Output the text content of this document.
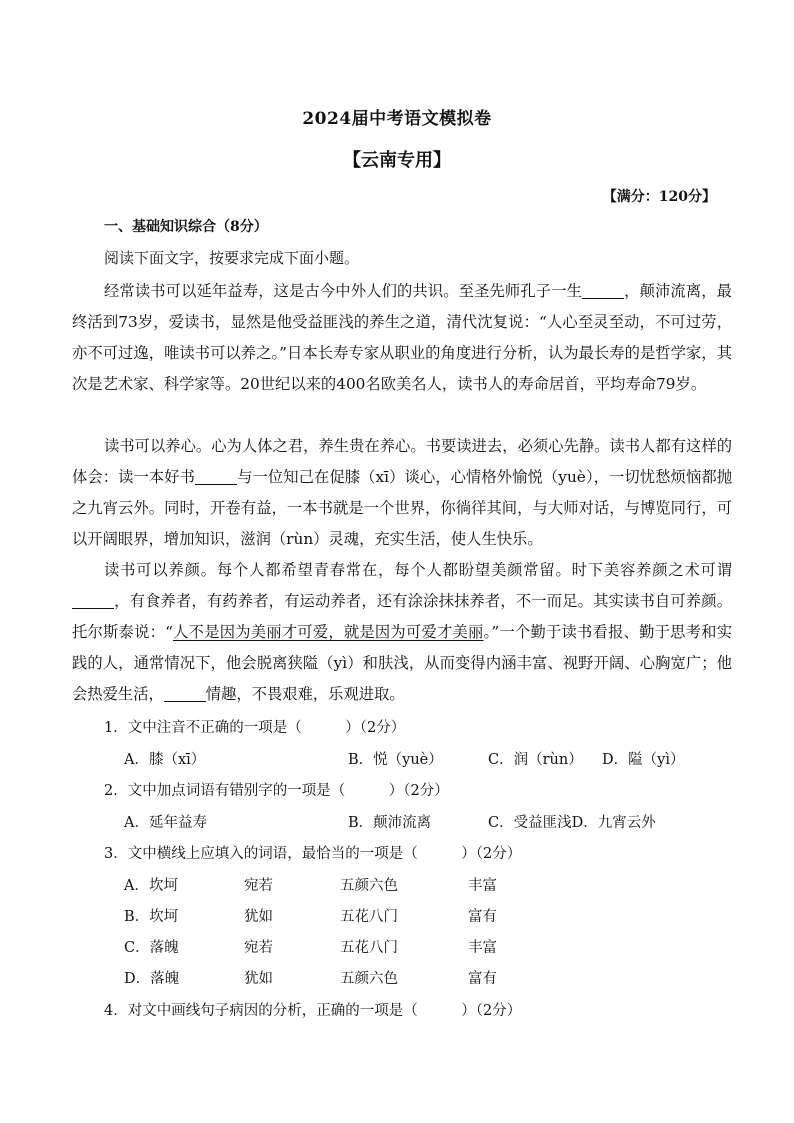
2024届中考语文模拟卷
【云南专用】
【满分：120分】
一、基础知识综合（8分）
阅读下面文字，按要求完成下面小题。
经常读书可以延年益寿，这是古今中外人们的共识。至圣先师孔子一生	，颠沛流离，最终活到73岁，爱读书，显然是他受益匪浅的养生之道，清代沈复说：“人心至灵至动，不可过劳，亦不可过逸，唯读书可以养之。”日本长寿专家从职业的角度进行分析，认为最长寿的是哲学家，其次是艺术家、科学家等。20世纪以来的400名欧美名人，读书人的寿命居首，平均寿命79岁。
读书可以养心。心为人体之君，养生贵在养心。书要读进去，必须心先静。读书人都有这样的体会：读一本好书	与一位知己在促膝（xī）谈心，心情格外愉悦（yuè），一切忧愁烦恼都抛之九宵云外。同时，开卷有益，一本书就是一个世界，你徜徉其间，与大师对话，与博览同行，可以开阔眼界，增加知识，滋润（rùn）灵魂，充实生活，使人生快乐。
读书可以养颜。每个人都希望青春常在，每个人都盼望美颜常留。时下美容养颜之术可谓，有食养者，有药养者，有运动养者，还有涂涂抹抹养者，不一而足。其实读书自可养颜。托尔斯泰说：“人不是因为美丽才可爱，就是因为可爱才美丽。”一个勤于读书看报、勤于思考和实践的人，通常情况下，他会脱离狭隘（yì）和肤浅，从而变得内涵丰富、视野开阔、心胸宽广；他会热爱生活，	情趣，不畏艰难，乐观进取。
1．文中注音不正确的一项是（　　　）（2分）
A．膝（xī）	B．悦（yuè）	C．润（rùn） D．隘（yì）
2．文中加点词语有错别字的一项是（　　　）（2分）
A．延年益寿	B．颠沛流离	C．受益匪浅D．九宵云外
3．文中横线上应填入的词语，最恰当的一项是（　　　）（2分）
A．坎坷	宛若	五颜六色	丰富
B．坎坷	犹如	五花八门	富有
C．落魄	宛若	五花八门	丰富
D．落魄	犹如	五颜六色	富有
4．对文中画线句子病因的分析，正确的一项是（　　　）（2分）
